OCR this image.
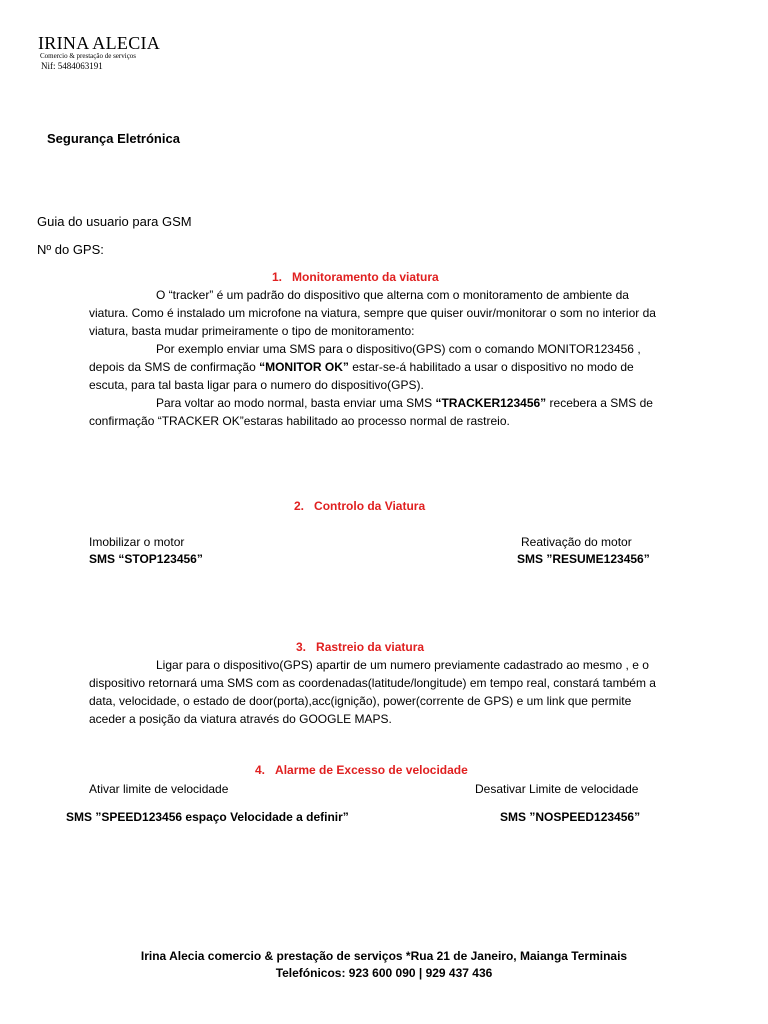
IRINA ALECIA
Comercio & prestação de serviços
Nif: 5484063191
Segurança Eletrónica
Guia do usuario para GSM
Nº do GPS:
1. Monitoramento da viatura

O “tracker” é um padrão do dispositivo que alterna com o monitoramento de ambiente da viatura. Como é instalado um microfone na viatura, sempre que quiser ouvir/monitorar o som no interior da viatura, basta mudar primeiramente o tipo de monitoramento:

Por exemplo enviar uma SMS para o dispositivo(GPS) com o comando MONITOR123456 , depois da SMS de confirmação “MONITOR OK” estar-se-á habilitado a usar o dispositivo no modo de escuta, para tal basta ligar para o numero do dispositivo(GPS).

Para voltar ao modo normal, basta enviar uma SMS “TRACKER123456” recebera a SMS de confirmação “TRACKER OK”estaras habilitado ao processo normal de rastreio.

2. Controlo da Viatura
Imobilizar o motor
SMS “STOP123456”
Reativação do motor
SMS ”RESUME123456”
3. Rastreio da viatura

Ligar para o dispositivo(GPS) apartir de um numero previamente cadastrado ao mesmo , e o dispositivo retornará uma SMS com as coordenadas(latitude/longitude) em tempo real, constará também a data, velocidade, o estado de door(porta),acc(ignição), power(corrente de GPS) e um link que permite aceder a posição da viatura através do GOOGLE MAPS.

4. Alarme de Excesso de velocidade
Ativar limite de velocidade	Desativar Limite de velocidade
SMS ”SPEED123456 espaço Velocidade a definir”	SMS ”NOSPEED123456”
Irina Alecia comercio & prestação de serviços *Rua 21 de Janeiro, Maianga Terminais
Telefónicos: 923 600 090 | 929 437 436
